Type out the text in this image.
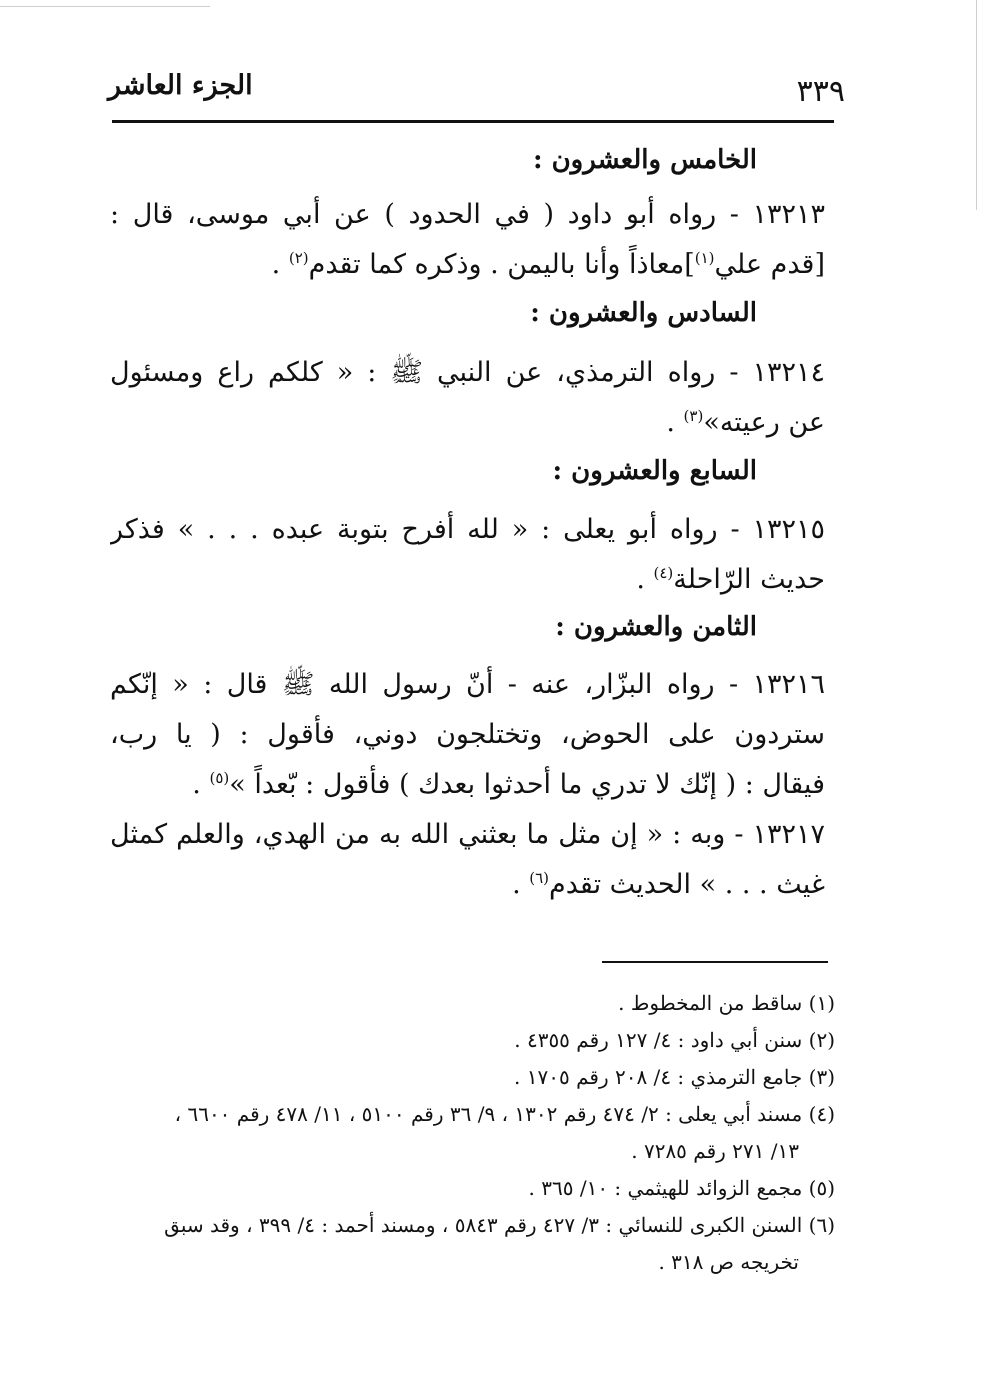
الجزء العاشر	٣٣٩
الخامس والعشرون :
١٣٢١٣ - رواه أبو داود ( في الحدود ) عن أبي موسى، قال :
[قدم علي$^{(١)}$]معاذاً وأنا باليمن . وذكره كما تقدم$^{(٢)}$ .
السادس والعشرون :
١٣٢١٤ - رواه الترمذي، عن النبي ﷺ : « كلكم راع ومسئول
عن رعيته»$^{(٣)}$ .
السابع والعشرون :
١٣٢١٥ - رواه أبو يعلى : « لله أفرح بتوبة عبده . . . » فذكر
حديث الرّاحلة$^{(٤)}$ .
الثامن والعشرون :
١٣٢١٦ - رواه البزّار، عنه - أنّ رسول الله ﷺ قال : « إنّكم
ستردون على الحوض، وتختلجون دوني، فأقول : ( يا رب،
فيقال : ( إنّك لا تدري ما أحدثوا بعدك ) فأقول : بّعداً »$^{(٥)}$ .
١٣٢١٧ - وبه : « إن مثل ما بعثني الله به من الهدي، والعلم كمثل
غيث . . . » الحديث تقدم$^{(٦)}$ .
(١) ساقط من المخطوط .
(٢) سنن أبي داود : ٤/ ١٢٧ رقم ٤٣٥٥ .
(٣) جامع الترمذي : ٤/ ٢٠٨ رقم ١٧٠٥ .
(٤) مسند أبي يعلى : ٢/ ٤٧٤ رقم ١٣٠٢ ، ٩/ ٣٦ رقم ٥١٠٠ ، ١١/ ٤٧٨ رقم ٦٦٠٠ ،
١٣/ ٢٧١ رقم ٧٢٨٥ .
(٥) مجمع الزوائد للهيثمي : ١٠/ ٣٦٥ .
(٦) السنن الكبرى للنسائي : ٣/ ٤٢٧ رقم ٥٨٤٣ ، ومسند أحمد : ٤/ ٣٩٩ ، وقد سبق
تخريجه ص ٣١٨ .
